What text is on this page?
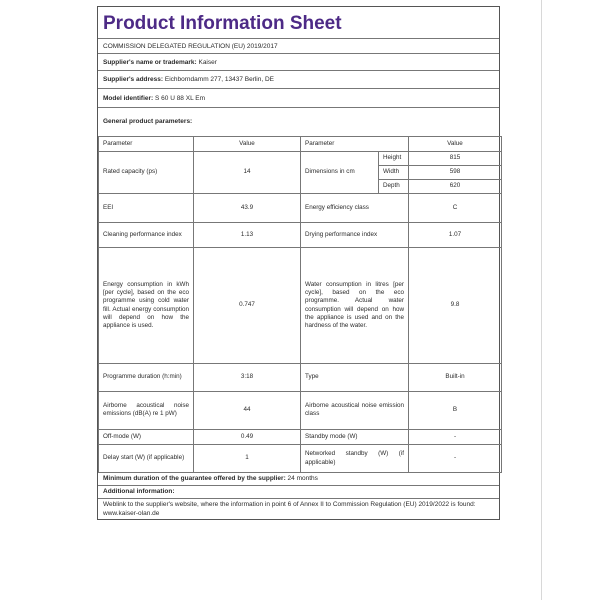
Product Information Sheet
COMMISSION DELEGATED REGULATION (EU) 2019/2017
Supplier's name or trademark: Kaiser
Supplier's address: Eichborndamm 277, 13437 Berlin, DE
Model identifier: S 60 U 88 XL Em
General product parameters:
Parameter	Value	Parameter		Value
Rated capacity (ps)	14	Dimensions in cm	Height	815
			Width	598
			Depth	620
EEI	43.9	Energy efficiency class		C
Cleaning performance index	1.13	Drying performance index		1.07
Energy consumption in kWh [per cycle], based on the eco programme using cold water fill. Actual energy consumption will depend on how the appliance is used.	0.747	Water consumption in litres [per cycle], based on the eco programme. Actual water consumption will depend on how the appliance is used and on the hardness of the water.		9.8
Programme duration (h:min)	3:18	Type		Built-in
Airborne acoustical noise emissions (dB(A) re 1 pW)	44	Airborne acoustical noise emission class		B
Off-mode (W)	0.49	Standby mode (W)		-
Delay start (W) (if applicable)	1	Networked standby (W) (if applicable)		-
Minimum duration of the guarantee offered by the supplier: 24 months
Additional information:
Weblink to the supplier's website, where the information in point 6 of Annex II to Commission Regulation (EU) 2019/2022 is found: www.kaiser-olan.de
